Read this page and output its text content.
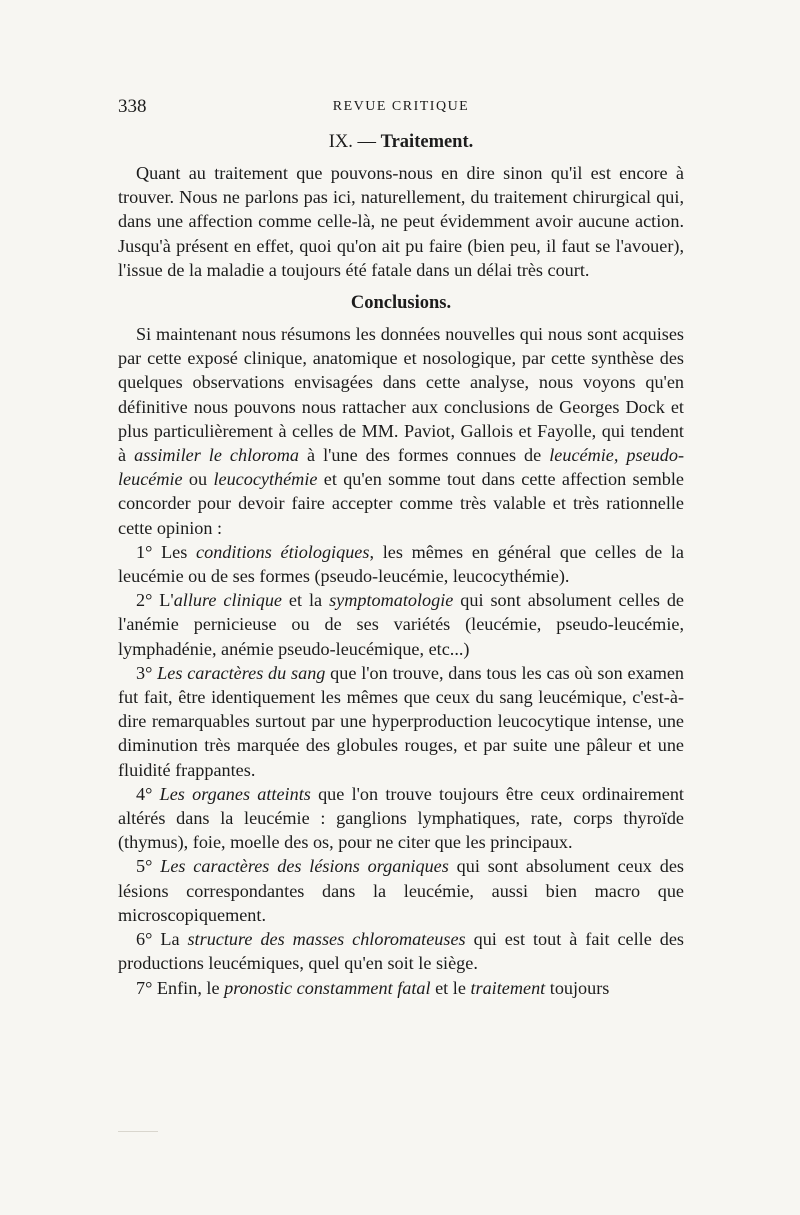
338	REVUE CRITIQUE
IX. — Traitement.

Quant au traitement que pouvons-nous en dire sinon qu'il est encore à trouver. Nous ne parlons pas ici, naturellement, du traitement chirurgical qui, dans une affection comme celle-là, ne peut évidemment avoir aucune action. Jusqu'à présent en effet, quoi qu'on ait pu faire (bien peu, il faut se l'avouer), l'issue de la maladie a toujours été fatale dans un délai très court.

Conclusions.

Si maintenant nous résumons les données nouvelles qui nous sont acquises par cette exposé clinique, anatomique et nosologique, par cette synthèse des quelques observations envisagées dans cette analyse, nous voyons qu'en définitive nous pouvons nous rattacher aux conclusions de Georges Dock et plus particulièrement à celles de MM. Paviot, Gallois et Fayolle, qui tendent à assimiler le chloroma à l'une des formes connues de leucémie, pseudo-leucémie ou leucocythémie et qu'en somme tout dans cette affection semble concorder pour devoir faire accepter comme très valable et très rationnelle cette opinion :

1° Les conditions étiologiques, les mêmes en général que celles de la leucémie ou de ses formes (pseudo-leucémie, leucocythémie).

2° L'allure clinique et la symptomatologie qui sont absolument celles de l'anémie pernicieuse ou de ses variétés (leucémie, pseudo-leucémie, lymphadénie, anémie pseudo-leucémique, etc...)

3° Les caractères du sang que l'on trouve, dans tous les cas où son examen fut fait, être identiquement les mêmes que ceux du sang leucémique, c'est-à-dire remarquables surtout par une hyperproduction leucocytique intense, une diminution très marquée des globules rouges, et par suite une pâleur et une fluidité frappantes.

4° Les organes atteints que l'on trouve toujours être ceux ordinairement altérés dans la leucémie : ganglions lymphatiques, rate, corps thyroïde (thymus), foie, moelle des os, pour ne citer que les principaux.

5° Les caractères des lésions organiques qui sont absolument ceux des lésions correspondantes dans la leucémie, aussi bien macro que microscopiquement.

6° La structure des masses chloromateuses qui est tout à fait celle des productions leucémiques, quel qu'en soit le siège.

7° Enfin, le pronostic constamment fatal et le traitement toujours
